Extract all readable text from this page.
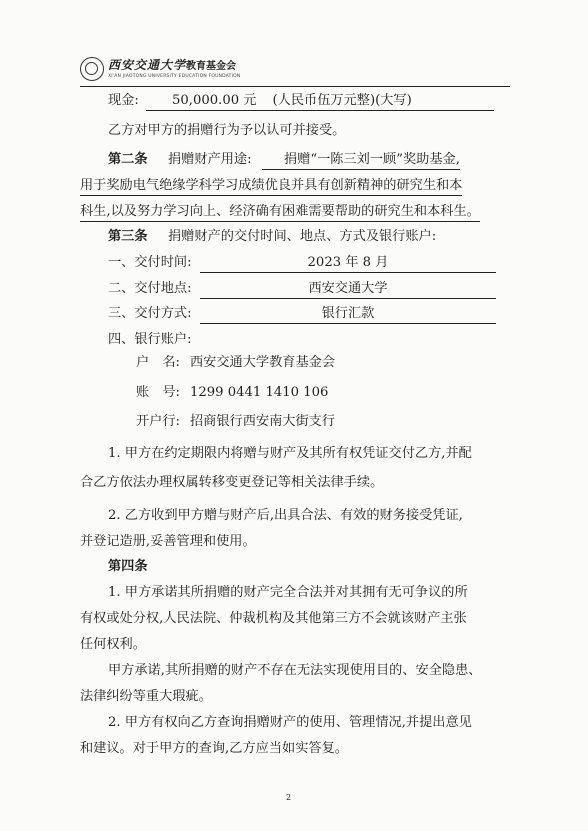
西安交通大学教育基金会
XI'AN JIAOTONG UNIVERSITY EDUCATION FOUNDATION
现金:	50,000.00 元 (人民币伍万元整)(大写)
乙方对甲方的捐赠行为予以认可并接受。
第二条 捐赠财产用途:	捐赠“一陈三刘一顾”奖助基金,
用于奖励电气绝缘学科学习成绩优良并具有创新精神的研究生和本
科生,以及努力学习向上、经济确有困难需要帮助的研究生和本科生。
第三条 捐赠财产的交付时间、地点、方式及银行账户:
一、交付时间:	2023 年 8 月
二、交付地点:	西安交通大学
三、交付方式:	银行汇款
四、银行账户:
户　名: 西安交通大学教育基金会
账　号: 1299 0441 1410 106
开户行: 招商银行西安南大街支行
1. 甲方在约定期限内将赠与财产及其所有权凭证交付乙方,并配
合乙方依法办理权属转移变更登记等相关法律手续。
2. 乙方收到甲方赠与财产后,出具合法、有效的财务接受凭证,
并登记造册,妥善管理和使用。
第四条
1. 甲方承诺其所捐赠的财产完全合法并对其拥有无可争议的所
有权或处分权,人民法院、仲裁机构及其他第三方不会就该财产主张
任何权利。
甲方承诺,其所捐赠的财产不存在无法实现使用目的、安全隐患、
法律纠纷等重大瑕疵。
2. 甲方有权向乙方查询捐赠财产的使用、管理情况,并提出意见
和建议。对于甲方的查询,乙方应当如实答复。
2
